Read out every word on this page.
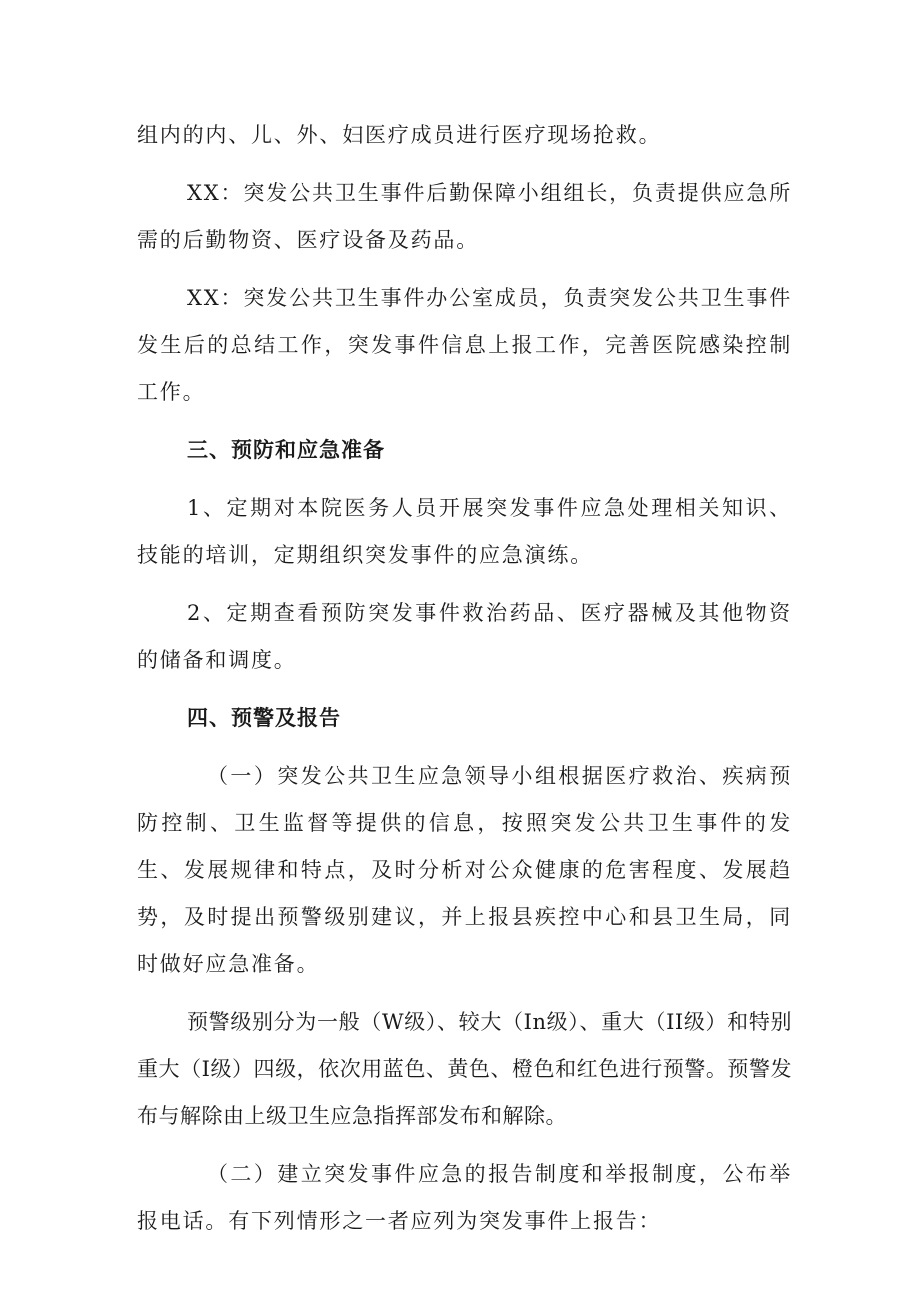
组内的内、儿、外、妇医疗成员进行医疗现场抢救。

XX：突发公共卫生事件后勤保障小组组长，负责提供应急所需的后勤物资、医疗设备及药品。

XX：突发公共卫生事件办公室成员，负责突发公共卫生事件发生后的总结工作，突发事件信息上报工作，完善医院感染控制工作。

三、预防和应急准备

1、定期对本院医务人员开展突发事件应急处理相关知识、技能的培训，定期组织突发事件的应急演练。

2、定期查看预防突发事件救治药品、医疗器械及其他物资的储备和调度。

四、预警及报告

（一）突发公共卫生应急领导小组根据医疗救治、疾病预防控制、卫生监督等提供的信息，按照突发公共卫生事件的发生、发展规律和特点，及时分析对公众健康的危害程度、发展趋势，及时提出预警级别建议，并上报县疾控中心和县卫生局，同时做好应急准备。

预警级别分为一般（W级）、较大（In级）、重大（II级）和特别重大（I级）四级，依次用蓝色、黄色、橙色和红色进行预警。预警发布与解除由上级卫生应急指挥部发布和解除。

（二）建立突发事件应急的报告制度和举报制度，公布举报电话。有下列情形之一者应列为突发事件上报告：
